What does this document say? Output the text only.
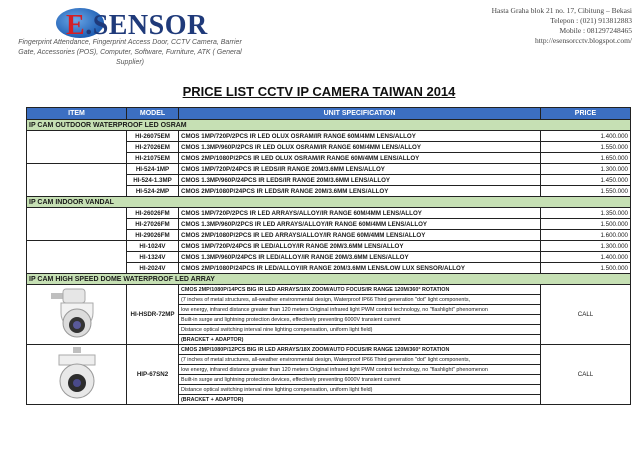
E.SENSOR
Fingerprint Attendance, Fingerprint Access Door, CCTV Camera, Barrier Gate, Accessories (POS), Computer, Software, Furniture, ATK ( General Supplier)
Hasta Graha blok 21 no. 17, Cibitung – Bekasi
Telepon : (021) 913812883
Mobile : 081297248465
http://esensorcctv.blogspot.com/
PRICE LIST CCTV IP CAMERA TAIWAN 2014
ITEM	MODEL	UNIT SPECIFICATION	PRICE
IP CAM OUTDOOR WATERPROOF LED OSRAM			
	HI-26075EM	CMOS 1MP/720P/2PCS IR LED OLUX OSRAM/IR RANGE 60M/4MM LENS/ALLOY	1.400.000
	HI-27026EM	CMOS 1.3MP/960P/2PCS IR LED OLUX OSRAM/IR RANGE 60M/4MM LENS/ALLOY	1.550.000
	HI-21075EM	CMOS 2MP/1080P/2PCS IR LED OLUX OSRAM/IR RANGE 60M/4MM LENS/ALLOY	1.650.000
	HI-524-1MP	CMOS 1MP/720P/24PCS IR LEDS/IR RANGE 20M/3.6MM LENS/ALLOY	1.300.000
	HI-524-1.3MP	CMOS 1.3MP/960P/24PCS IR LEDS/IR RANGE 20M/3.6MM LENS/ALLOY	1.450.000
	HI-524-2MP	CMOS 2MP/1080P/24PCS IR LEDS/IR RANGE 20M/3.6MM LENS/ALLOY	1.550.000
IP CAM INDOOR VANDAL			
	HI-26026FM	CMOS 1MP/720P/2PCS IR LED ARRAYS/ALLOY/IR RANGE 60M/4MM LENS/ALLOY	1.350.000
	HI-27026FM	CMOS 1.3MP/960P/2PCS IR LED ARRAYS/ALLOY/IR RANGE 60M/4MM LENS/ALLOY	1.500.000
	HI-29026FM	CMOS 2MP/1080P/2PCS IR LED ARRAYS/ALLOY/IR RANGE 60M/4MM LENS/ALLOY	1.600.000
	HI-1024V	CMOS 1MP/720P/24PCS IR LED/ALLOY/IR RANGE 20M/3.6MM LENS/ALLOY	1.300.000
	HI-1324V	CMOS 1.3MP/960P/24PCS IR LED/ALLOY/IR RANGE 20M/3.6MM LENS/ALLOY	1.400.000
	HI-2024V	CMOS 2MP/1080P/24PCS IR LED/ALLOY/IR RANGE 20M/3.6MM LENS/LOW LUX SENSOR/ALLOY	1.500.000
IP CAM HIGH SPEED DOME WATERPROOF LED ARRAY			

	HI-HSDR-72MP	CMOS 2MP/1080P/14PCS BIG IR LED ARRAYS/18X ZOOM/AUTO FOCUS/IR RANGE 120M/360° ROTATION	CALL
		(7 inches of metal structures, all-weather environmental design, Waterproof IP66 Third generation "dot" light components,	
		low energy, infrared distance greater than 120 meters Original infrared light PWM control technology, no "flashlight" phenomenon	
		Built-in surge and lightning protection devices, effectively preventing 6000V transient current	
		Distance optical switching interval nine lighting compensation, uniform light field)	
		(BRACKET + ADAPTOR)	

	HIP-67SN2	CMOS 2MP/1080P/12PCS BIG IR LED ARRAYS/18X ZOOM/AUTO FOCUS/IR RANGE 120M/360° ROTATION	CALL
		(7 inches of metal structures, all-weather environmental design, Waterproof IP66 Third generation "dot" light components,	
		low energy, infrared distance greater than 120 meters Original infrared light PWM control technology, no "flashlight" phenomenon	
		Built-in surge and lightning protection devices, effectively preventing 6000V transient current	
		Distance optical switching interval nine lighting compensation, uniform light field)	
		(BRACKET + ADAPTOR)	
